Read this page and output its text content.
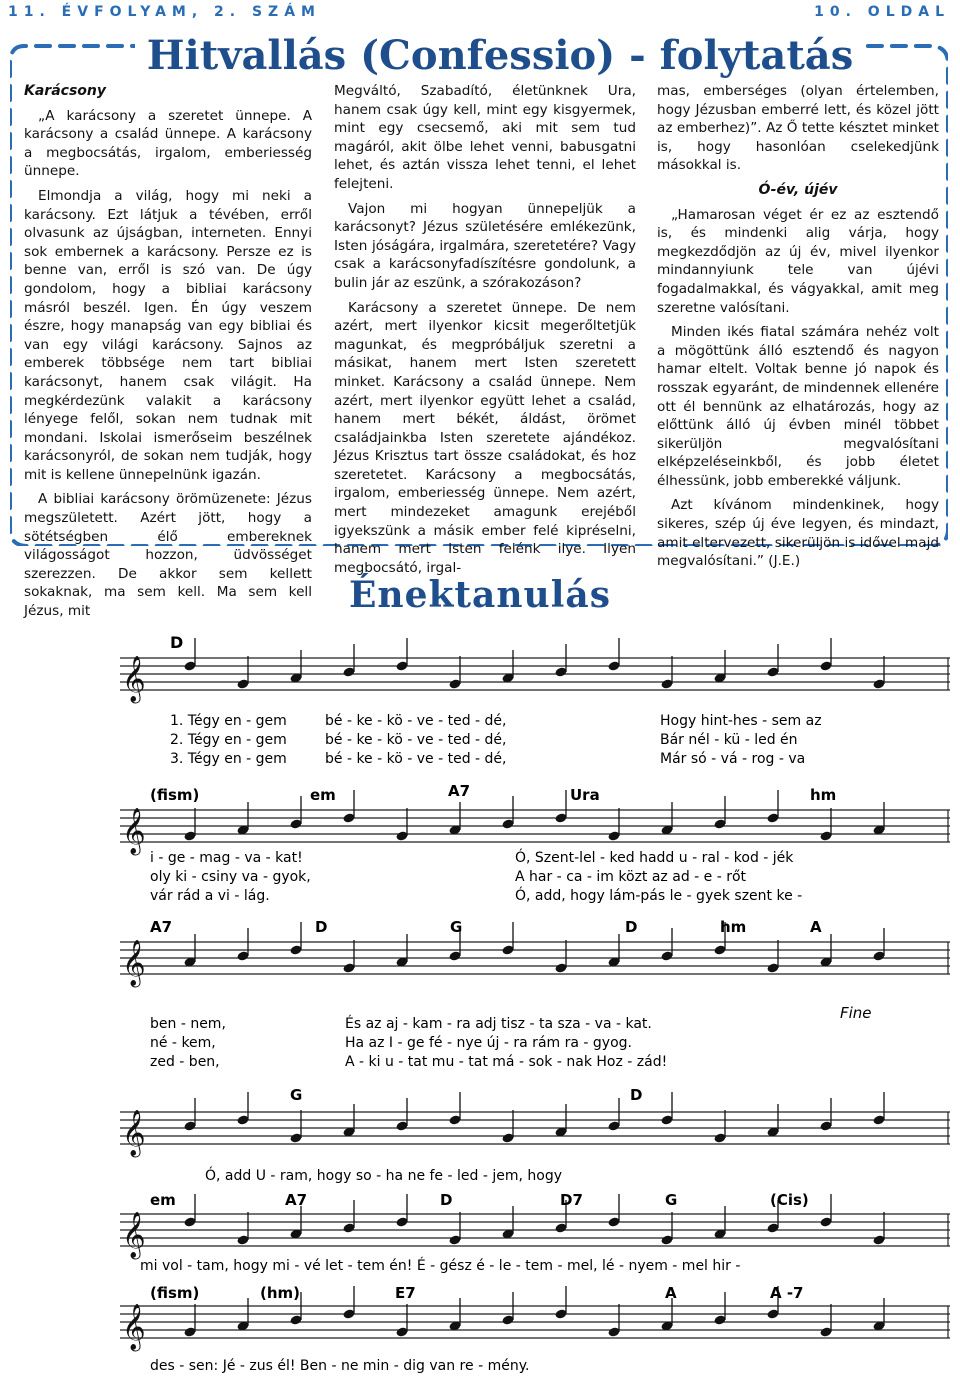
11. ÉVFOLYAM, 2. SZÁM	10. OLDAL
Hitvallás (Confessio) - folytatás
Karácsony

„A karácsony a szeretet ünnepe. A karácsony a család ünnepe. A karácsony a megbocsátás, irgalom, emberiesség ünnepe.

Elmondja a világ, hogy mi neki a karácsony. Ezt látjuk a tévében, erről olvasunk az újságban, interneten. Ennyi sok embernek a karácsony. Persze ez is benne van, erről is szó van. De úgy gondolom, hogy a bibliai karácsony másról beszél. Igen. Én úgy veszem észre, hogy manapság van egy bibliai és van egy világi karácsony. Sajnos az emberek többsége nem tart bibliai karácsonyt, hanem csak világit. Ha megkérdezünk valakit a karácsony lényege felől, sokan nem tudnak mit mondani. Iskolai ismerőseim beszélnek karácsonyról, de sokan nem tudják, hogy mit is kellene ünnepelnünk igazán.

A bibliai karácsony örömüzenete: Jézus megszületett. Azért jött, hogy a sötétségben élő embereknek világosságot hozzon, üdvösséget szerezzen. De akkor sem kellett sokaknak, ma sem kell. Ma sem kell Jézus, mit

Megváltó, Szabadító, életünknek Ura, hanem csak úgy kell, mint egy kisgyermek, mint egy csecsemő, aki mit sem tud magáról, akit ölbe lehet venni, babusgatni lehet, és aztán vissza lehet tenni, el lehet felejteni.

Vajon mi hogyan ünnepeljük a karácsonyt? Jézus születésére emlékezünk, Isten jóságára, irgalmára, szeretetére? Vagy csak a karácsonyfadíszítésre gondolunk, a bulin jár az eszünk, a szórakozáson?

Karácsony a szeretet ünnepe. De nem azért, mert ilyenkor kicsit megerőltetjük magunkat, és megpróbáljuk szeretni a másikat, hanem mert Isten szeretett minket. Karácsony a család ünnepe. Nem azért, mert ilyenkor együtt lehet a család, hanem mert békét, áldást, örömet családjainkba Isten szeretete ajándékoz. Jézus Krisztus tart össze családokat, és hoz szeretetet. Karácsony a megbocsátás, irgalom, emberiesség ünnepe. Nem azért, mert mindezeket amagunk erejéből igyekszünk a másik ember felé kipréselni, hanem mert Isten felénk ilye. Ilyen megbocsátó, irgal-

mas, emberséges (olyan értelemben, hogy Jézusban emberré lett, és közel jött az emberhez)”. Az Ő tette késztet minket is, hogy hasonlóan cselekedjünk másokkal is.

Ó-év, újév

„Hamarosan véget ér ez az esztendő is, és mindenki alig várja, hogy megkezdődjön az új év, mivel ilyenkor mindannyiunk tele van újévi fogadalmakkal, és vágyakkal, amit meg szeretne valósítani.

Minden ikés fiatal számára nehéz volt a mögöttünk álló esztendő és nagyon hamar eltelt. Voltak benne jó napok és rosszak egyaránt, de mindennek ellenére ott él bennünk az elhatározás, hogy az előttünk álló új évben minél többet sikerüljön megvalósítani elképzeléseinkből, és jobb életet élhessünk, jobb emberekké váljunk.

Azt kívánom mindenkinek, hogy sikeres, szép új éve legyen, és mindazt, amit eltervezett, sikerüljön is idővel majd megvalósítani.” (J.E.)

Énektanulás
𝄞
𝄞
𝄞
𝄞
𝄞
𝄞
D
1. Tégy en - gem	bé - ke - kö - ve - ted - dé,	Hogy hint-hes - sem az
2. Tégy en - gem	bé - ke - kö - ve - ted - dé,	Bár nél - kü - led én
3. Tégy en - gem	bé - ke - kö - ve - ted - dé,	Már só - vá - rog - va
(fism)	em	A7	Ura	hm
i - ge - mag - va - kat!	Ó, Szent-lel - ked hadd u - ral - kod - jék
oly ki - csiny va - gyok,	A har - ca - im közt az ad - e - rőt
vár rád a vi - lág.	Ó, add, hogy lám-pás le - gyek szent ke -
A7	D	G	D	hm	A
Fine
ben - nem,	És az aj - kam - ra adj tisz - ta sza - va - kat.
né - kem,	Ha az I - ge fé - nye új - ra rám ra - gyog.
zed - ben,	A - ki u - tat mu - tat má - sok - nak Hoz - zád!
G	D
Ó, add U - ram, hogy so - ha ne fe - led - jem, hogy
em	A7	D	D7	G	(Cis)
mi vol - tam, hogy mi - vé let - tem én! É - gész é - le - tem - mel, lé - nyem - mel hir -
(fism)	(hm)	E7	A	A -7
des - sen: Jé - zus él! Ben - ne min - dig van re - mény.
